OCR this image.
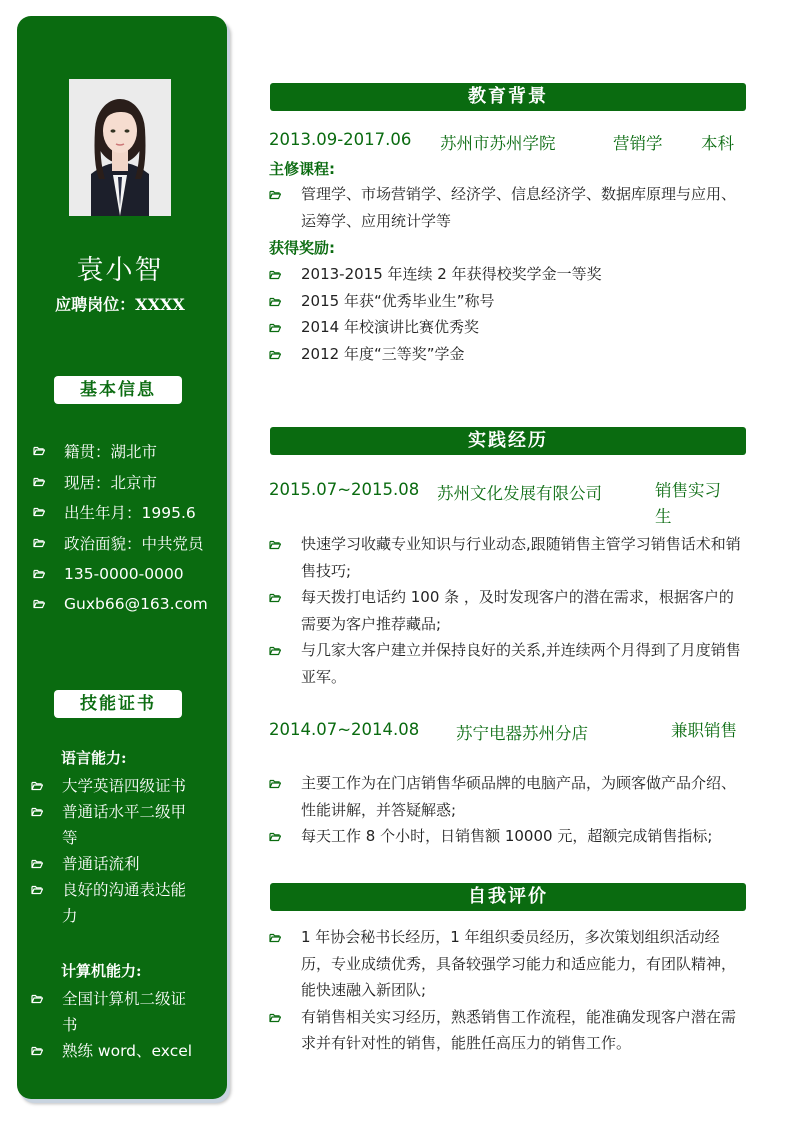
袁小智
应聘岗位：XXXX
基本信息
籍贯：湖北市
现居：北京市
出生年月：1995.6
政治面貌：中共党员
135-0000-0000
Guxb66@163.com
技能证书
语言能力:
大学英语四级证书
普通话水平二级甲等
普通话流利
良好的沟通表达能力
计算机能力:
全国计算机二级证书
熟练 word、excel
教育背景
2013.09-2017.06 苏州市苏州学院	营销学 本科
主修课程:
管理学、市场营销学、经济学、信息经济学、数据库原理与应用、运筹学、应用统计学等
获得奖励:
2013-2015 年连续 2 年获得校奖学金一等奖
2015 年获“优秀毕业生”称号
2014 年校演讲比赛优秀奖
2012 年度“三等奖”学金
实践经历
2015.07~2015.08 苏州文化发展有限公司	销售实习生
快速学习收藏专业知识与行业动态,跟随销售主管学习销售话术和销售技巧;
每天拨打电话约 100 条 ，及时发现客户的潜在需求，根据客户的需要为客户推荐藏品;
与几家大客户建立并保持良好的关系,并连续两个月得到了月度销售亚军。
2014.07~2014.08 苏宁电器苏州分店	兼职销售
主要工作为在门店销售华硕品牌的电脑产品，为顾客做产品介绍、性能讲解，并答疑解惑;
每天工作 8 个小时，日销售额 10000 元，超额完成销售指标;
自我评价
1 年协会秘书长经历，1 年组织委员经历，多次策划组织活动经历，专业成绩优秀，具备较强学习能力和适应能力，有团队精神，能快速融入新团队;
有销售相关实习经历，熟悉销售工作流程，能准确发现客户潜在需求并有针对性的销售，能胜任高压力的销售工作。
